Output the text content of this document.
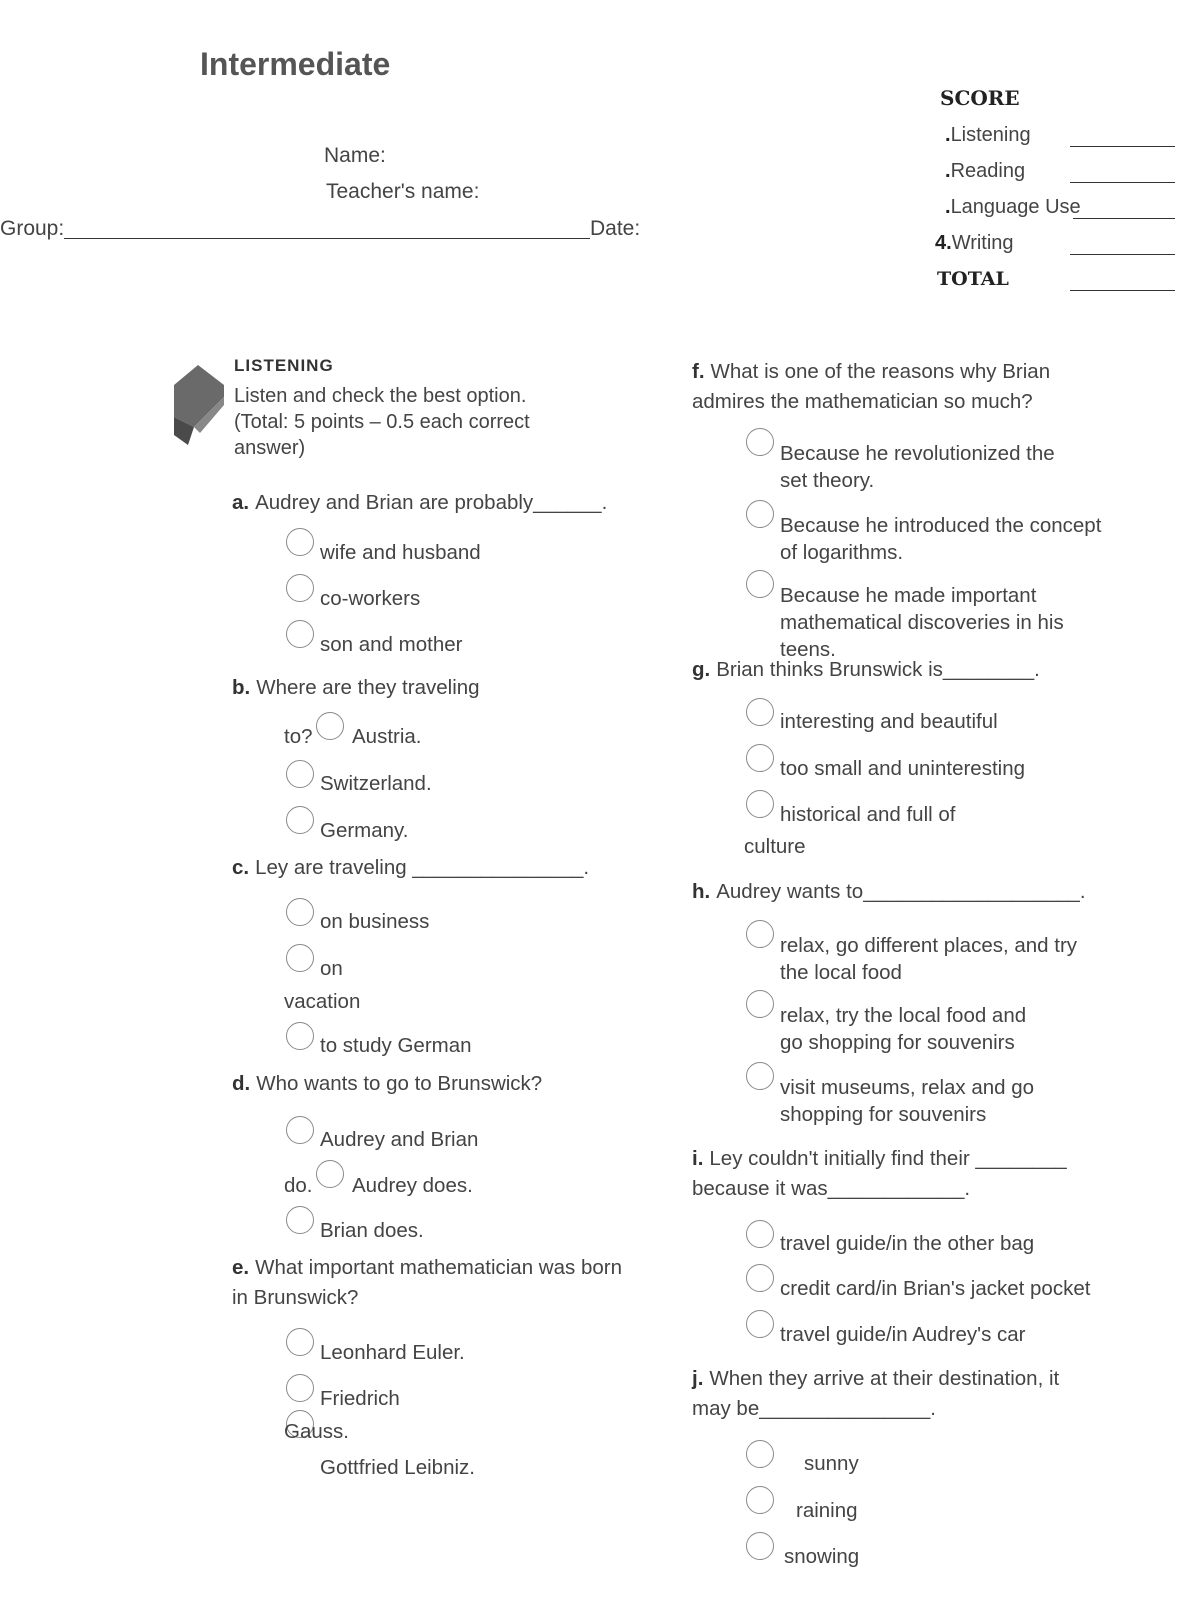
Intermediate
Name:
Teacher's name:
Group:	Date:
SCORE
.Listening
.Reading
.Language Use
4.Writing
TOTAL
LISTENING
Listen and check the best option. (Total: 5 points – 0.5 each correct answer)
a. Audrey and Brian are probably______.
wife and husband
co-workers
son and mother
b. Where are they traveling
to? Austria.
Switzerland.
Germany.
c. Ley are traveling _______________.
on business
on
vacation
to study German
d. Who wants to go to Brunswick?
Audrey and Brian
do. Audrey does.
Brian does.
e. What important mathematician was born in Brunswick?
Leonhard Euler.
Friedrich
Gauss.
Gottfried Leibniz.
f. What is one of the reasons why Brian admires the mathematician so much?
Because he revolutionized the set theory.
Because he introduced the concept of logarithms.
Because he made important mathematical discoveries in his teens.
g. Brian thinks Brunswick is________.
interesting and beautiful
too small and uninteresting
historical and full of
culture
h. Audrey wants to___________________.
relax, go different places, and try the local food
relax, try the local food and go shopping for souvenirs
visit museums, relax and go shopping for souvenirs
i. Ley couldn't initially find their ________ because it was____________.
travel guide/in the other bag
credit card/in Brian's jacket pocket
travel guide/in Audrey's car
j. When they arrive at their destination, it may be_______________.
sunny
raining
snowing
